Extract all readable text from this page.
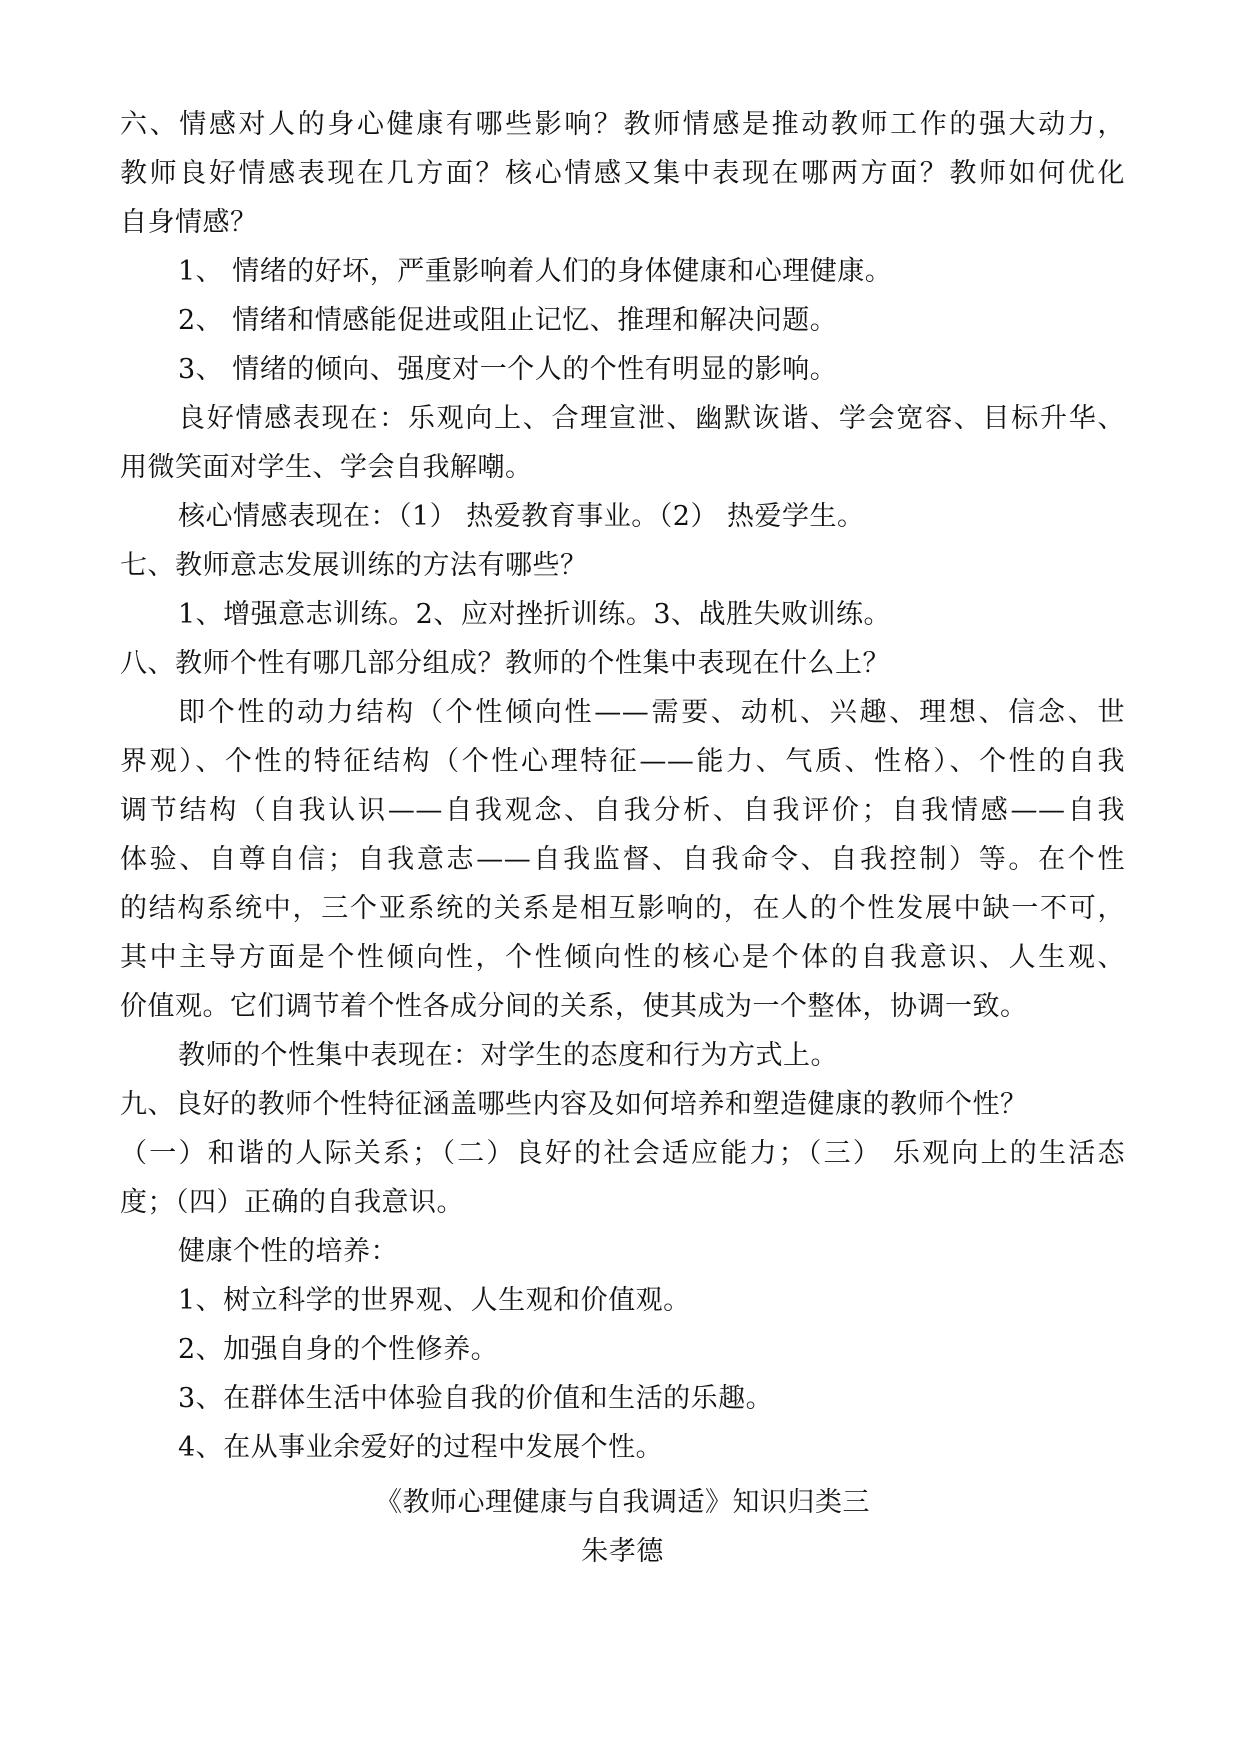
六、情感对人的身心健康有哪些影响？教师情感是推动教师工作的强大动力，
教师良好情感表现在几方面？核心情感又集中表现在哪两方面？教师如何优化
自身情感？
1、 情绪的好坏，严重影响着人们的身体健康和心理健康。
2、 情绪和情感能促进或阻止记忆、推理和解决问题。
3、 情绪的倾向、强度对一个人的个性有明显的影响。
良好情感表现在：乐观向上、合理宣泄、幽默诙谐、学会宽容、目标升华、
用微笑面对学生、学会自我解嘲。
核心情感表现在：（1） 热爱教育事业。（2） 热爱学生。
七、教师意志发展训练的方法有哪些？
1、增强意志训练。2、应对挫折训练。3、战胜失败训练。
八、教师个性有哪几部分组成？教师的个性集中表现在什么上？
即个性的动力结构（个性倾向性——需要、动机、兴趣、理想、信念、世
界观）、个性的特征结构（个性心理特征——能力、气质、性格）、个性的自我
调节结构（自我认识——自我观念、自我分析、自我评价；自我情感——自我
体验、自尊自信；自我意志——自我监督、自我命令、自我控制）等。在个性
的结构系统中，三个亚系统的关系是相互影响的，在人的个性发展中缺一不可，
其中主导方面是个性倾向性，个性倾向性的核心是个体的自我意识、人生观、
价值观。它们调节着个性各成分间的关系，使其成为一个整体，协调一致。
教师的个性集中表现在：对学生的态度和行为方式上。
九、良好的教师个性特征涵盖哪些内容及如何培养和塑造健康的教师个性？
（一）和谐的人际关系；（二）良好的社会适应能力；（三） 乐观向上的生活态
度；（四）正确的自我意识。
健康个性的培养：
1、树立科学的世界观、人生观和价值观。
2、加强自身的个性修养。
3、在群体生活中体验自我的价值和生活的乐趣。
4、在从事业余爱好的过程中发展个性。
《教师心理健康与自我调适》知识归类三
朱孝德
